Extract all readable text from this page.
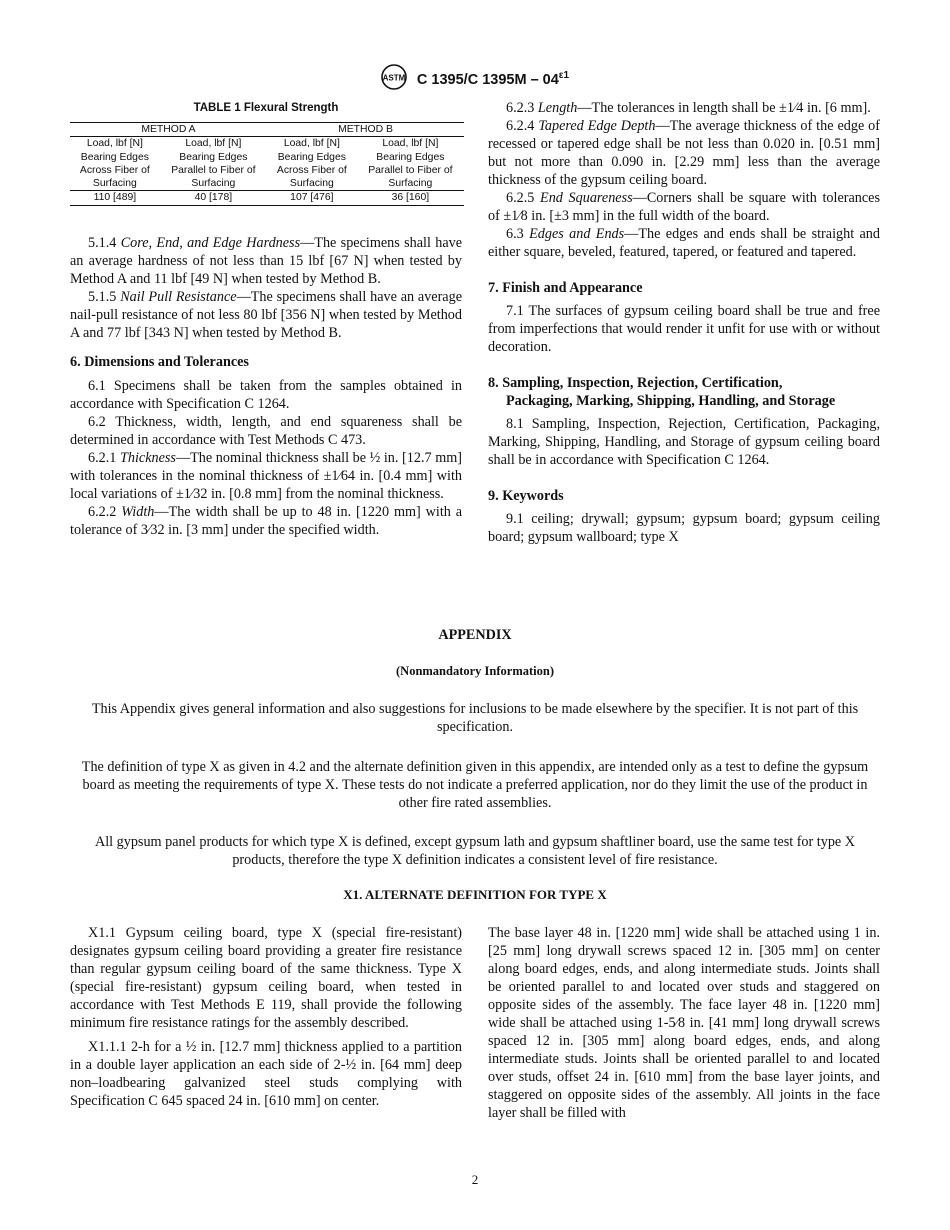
ASTM C 1395/C $1395M - 04^{\varepsilon 1}$
TABLE 1 Flexural Strength
METHOD A		METHOD B	
Load, lbf [N]	Load, lbf [N]	Load, lbf [N]	Load, lbf [N]
Bearing Edges	Bearing Edges	Bearing Edges	Bearing Edges
Across Fiber of	Parallel to Fiber of	Across Fiber of	Parallel to Fiber of
Surfacing	Surfacing	Surfacing	Surfacing
110 [489]	40 [178]	107 [476]	36 [160]

5.1.4 Core, End, and Edge Hardness—The specimens shall have an average hardness of not less than 15 lbf [67 N] when tested by Method A and 11 lbf [49 N] when tested by Method B.

5.1.5 Nail Pull Resistance—The specimens shall have an average nail-pull resistance of not less 80 lbf [356 N] when tested by Method A and 77 lbf [343 N] when tested by Method B.

6. Dimensions and Tolerances

6.1 Specimens shall be taken from the samples obtained in accordance with Specification C 1264.

6.2 Thickness, width, length, and end squareness shall be determined in accordance with Test Methods C 473.

6.2.1 Thickness—The nominal thickness shall be ½ in. [12.7 mm] with tolerances in the nominal thickness of ±1⁄64 in. [0.4 mm] with local variations of ±1⁄32 in. [0.8 mm] from the nominal thickness.

6.2.2 Width—The width shall be up to 48 in. [1220 mm] with a tolerance of 3⁄32 in. [3 mm] under the specified width.

6.2.3 Length—The tolerances in length shall be ±1⁄4 in. [6 mm].

6.2.4 Tapered Edge Depth—The average thickness of the edge of recessed or tapered edge shall be not less than 0.020 in. [0.51 mm] but not more than 0.090 in. [2.29 mm] less than the average thickness of the gypsum ceiling board.

6.2.5 End Squareness—Corners shall be square with tolerances of ±1⁄8 in. [±3 mm] in the full width of the board.

6.3 Edges and Ends—The edges and ends shall be straight and either square, beveled, featured, tapered, or featured and tapered.

7. Finish and Appearance

7.1 The surfaces of gypsum ceiling board shall be true and free from imperfections that would render it unfit for use with or without decoration.

8. Sampling, Inspection, Rejection, Certification,
Packaging, Marking, Shipping, Handling, and Storage

8.1 Sampling, Inspection, Rejection, Certification, Packaging, Marking, Shipping, Handling, and Storage of gypsum ceiling board shall be in accordance with Specification C 1264.

9. Keywords

9.1 ceiling; drywall; gypsum; gypsum board; gypsum ceiling board; gypsum wallboard; type X

APPENDIX
(Nonmandatory Information)
This Appendix gives general information and also suggestions for inclusions to be made elsewhere by the specifier. It is not part of this specification.
The definition of type X as given in 4.2 and the alternate definition given in this appendix, are intended only as a test to define the gypsum board as meeting the requirements of type X. These tests do not indicate a preferred application, nor do they limit the use of the product in other fire rated assemblies.
All gypsum panel products for which type X is defined, except gypsum lath and gypsum shaftliner board, use the same test for type X products, therefore the type X definition indicates a consistent level of fire resistance.
X1. ALTERNATE DEFINITION FOR TYPE X

X1.1 Gypsum ceiling board, type X (special fire-resistant) designates gypsum ceiling board providing a greater fire resistance than regular gypsum ceiling board of the same thickness. Type X (special fire-resistant) gypsum ceiling board, when tested in accordance with Test Methods E 119, shall provide the following minimum fire resistance ratings for the assembly described.

X1.1.1 2-h for a ½ in. [12.7 mm] thickness applied to a partition in a double layer application an each side of 2-½ in. [64 mm] deep non–loadbearing galvanized steel studs complying with Specification C 645 spaced 24 in. [610 mm] on center.

The base layer 48 in. [1220 mm] wide shall be attached using 1 in. [25 mm] long drywall screws spaced 12 in. [305 mm] on center along board edges, ends, and along intermediate studs. Joints shall be oriented parallel to and located over studs and staggered on opposite sides of the assembly. The face layer 48 in. [1220 mm] wide shall be attached using 1-5⁄8 in. [41 mm] long drywall screws spaced 12 in. [305 mm] along board edges, ends, and along intermediate studs. Joints shall be oriented parallel to and located over studs, offset 24 in. [610 mm] from the base layer joints, and staggered on opposite sides of the assembly. All joints in the face layer shall be filled with

2
